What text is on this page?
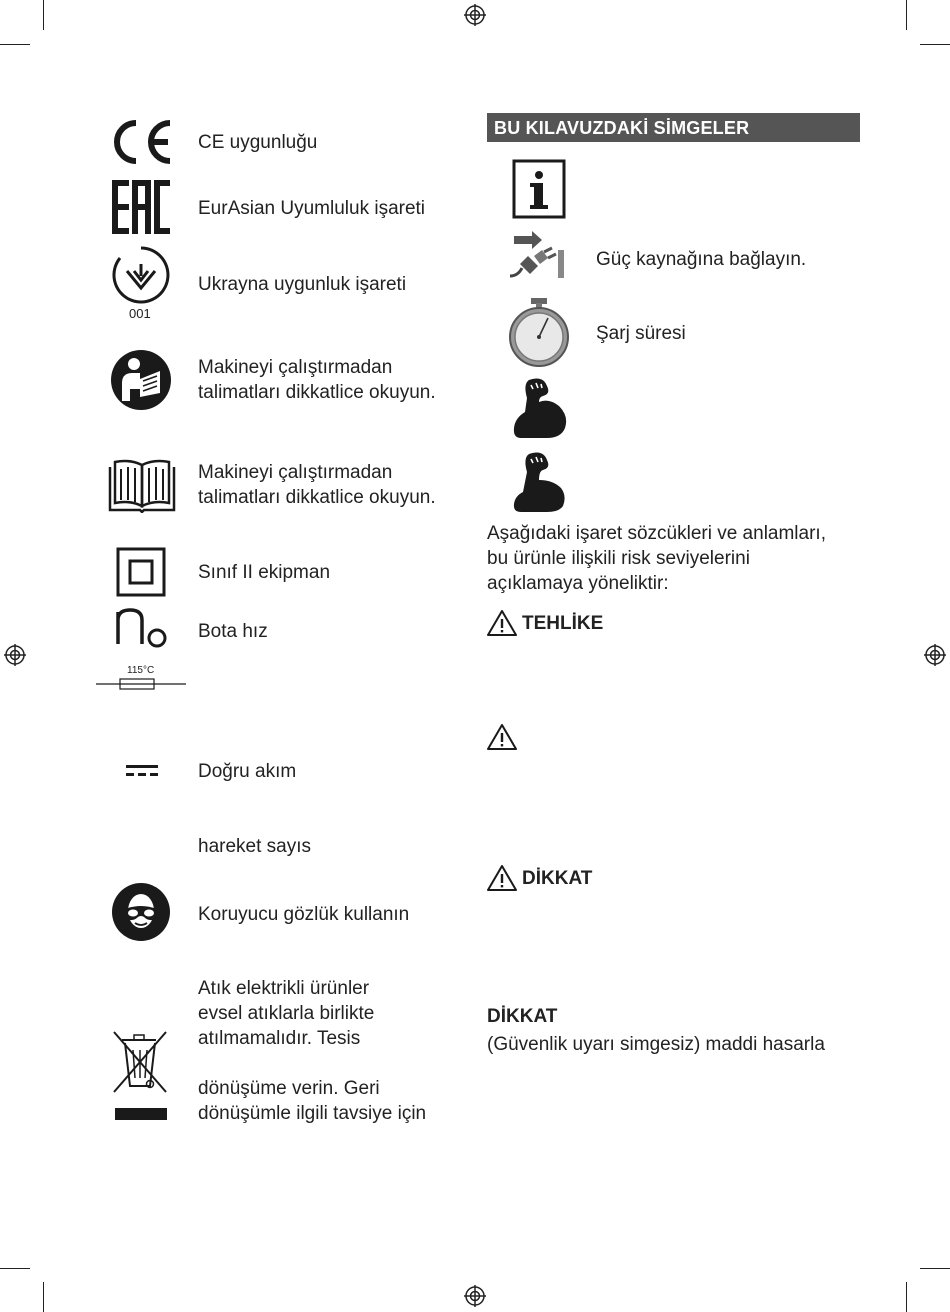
CE uygunluğu
EurAsian Uyumluluk işareti
001
Ukrayna uygunluk işareti
Makineyi çalıştırmadan
talimatları dikkatlice okuyun.
Makineyi çalıştırmadan
talimatları dikkatlice okuyun.
Sınıf II ekipman
Bota hız
115°C
Doğru akım
hareket sayıs
Koruyucu gözlük kullanın
Atık elektrikli ürünler
evsel atıklarla birlikte
atılmamalıdır. Tesis

dönüşüme verin. Geri
dönüşümle ilgili tavsiye için
BU KILAVUZDAKİ SİMGELER
Güç kaynağına bağlayın.
Şarj süresi
Aşağıdaki işaret sözcükleri ve anlamları,
bu ürünle ilişkili risk seviyelerini
açıklamaya yöneliktir:
TEHLİKE
DİKKAT
DİKKAT
(Güvenlik uyarı simgesiz) maddi hasarla
